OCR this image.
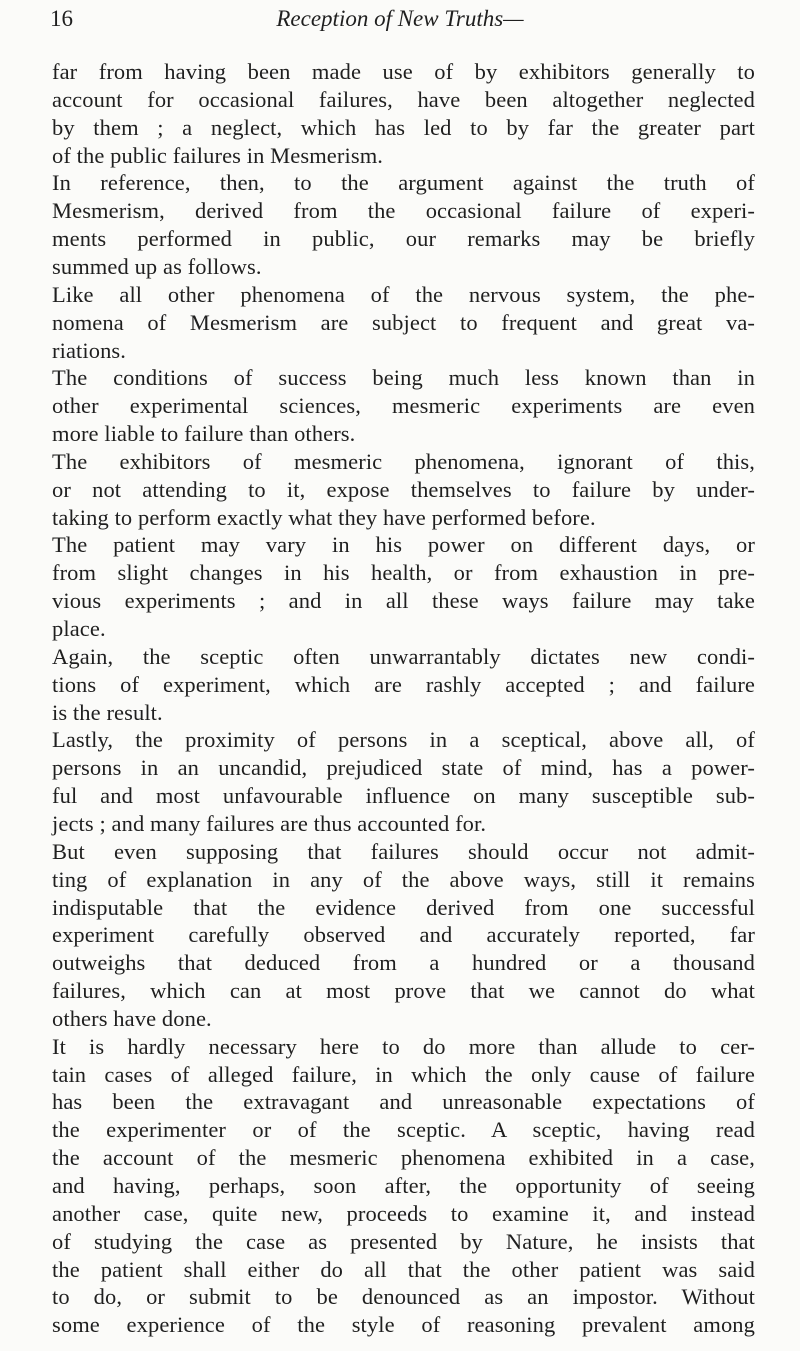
16	Reception of New Truths—
far from having been made use of by exhibitors generally to
account for occasional failures, have been altogether neglected
by them ; a neglect, which has led to by far the greater part
of the public failures in Mesmerism.
In reference, then, to the argument against the truth of
Mesmerism, derived from the occasional failure of experi-
ments performed in public, our remarks may be briefly
summed up as follows.
Like all other phenomena of the nervous system, the phe-
nomena of Mesmerism are subject to frequent and great va-
riations.
The conditions of success being much less known than in
other experimental sciences, mesmeric experiments are even
more liable to failure than others.
The exhibitors of mesmeric phenomena, ignorant of this,
or not attending to it, expose themselves to failure by under-
taking to perform exactly what they have performed before.
The patient may vary in his power on different days, or
from slight changes in his health, or from exhaustion in pre-
vious experiments ; and in all these ways failure may take
place.
Again, the sceptic often unwarrantably dictates new condi-
tions of experiment, which are rashly accepted ; and failure
is the result.
Lastly, the proximity of persons in a sceptical, above all, of
persons in an uncandid, prejudiced state of mind, has a power-
ful and most unfavourable influence on many susceptible sub-
jects ; and many failures are thus accounted for.
But even supposing that failures should occur not admit-
ting of explanation in any of the above ways, still it remains
indisputable that the evidence derived from one successful
experiment carefully observed and accurately reported, far
outweighs that deduced from a hundred or a thousand
failures, which can at most prove that we cannot do what
others have done.
It is hardly necessary here to do more than allude to cer-
tain cases of alleged failure, in which the only cause of failure
has been the extravagant and unreasonable expectations of
the experimenter or of the sceptic. A sceptic, having read
the account of the mesmeric phenomena exhibited in a case,
and having, perhaps, soon after, the opportunity of seeing
another case, quite new, proceeds to examine it, and instead
of studying the case as presented by Nature, he insists that
the patient shall either do all that the other patient was said
to do, or submit to be denounced as an impostor. Without
some experience of the style of reasoning prevalent among
